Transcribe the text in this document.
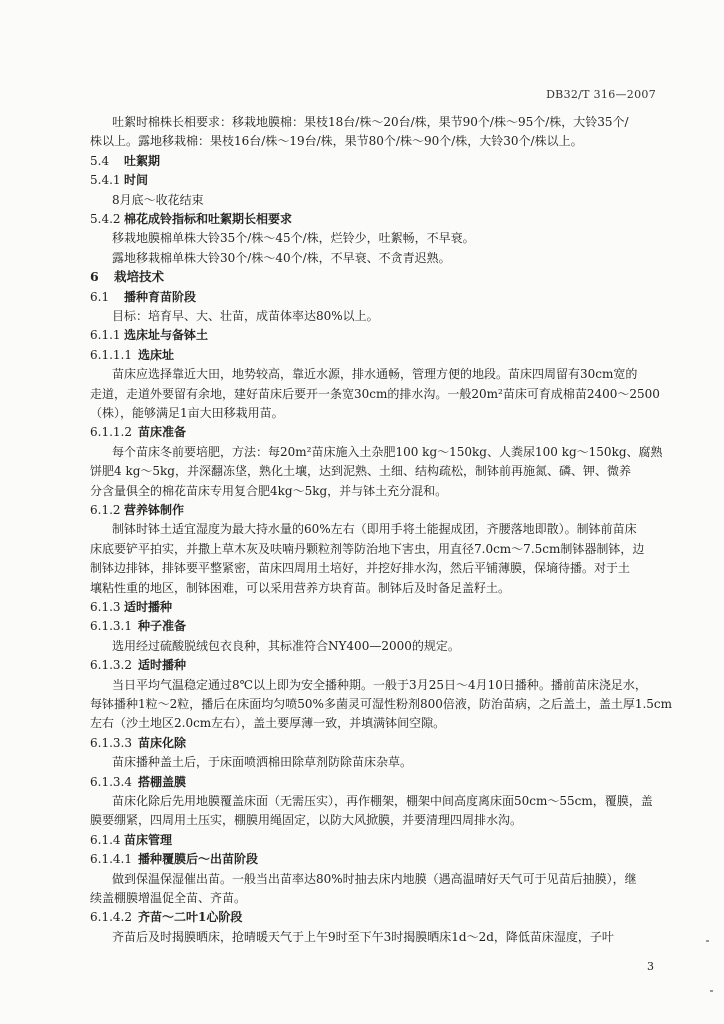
DB32/T 316—2007
吐絮时棉株长相要求：移栽地膜棉：果枝18台/株～20台/株，果节90个/株～95个/株，大铃35个/
株以上。露地移栽棉：果枝16台/株～19台/株，果节80个/株～90个/株，大铃30个/株以上。
5.4 吐絮期
5.4.1 时间
8月底～收花结束
5.4.2 棉花成铃指标和吐絮期长相要求
移栽地膜棉单株大铃35个/株～45个/株，烂铃少，吐絮畅，不早衰。
露地移栽棉单株大铃30个/株～40个/株，不早衰、不贪青迟熟。
6 栽培技术
6.1 播种育苗阶段
目标：培育早、大、壮苗，成苗体率达80%以上。
6.1.1 选床址与备钵土
6.1.1.1 选床址
苗床应选择靠近大田，地势较高，靠近水源，排水通畅，管理方便的地段。苗床四周留有30cm宽的
走道，走道外要留有余地，建好苗床后要开一条宽30cm的排水沟。一般20m²苗床可育成棉苗2400～2500
（株），能够满足1亩大田移栽用苗。
6.1.1.2 苗床准备
每个苗床冬前要培肥，方法：每20m²苗床施入土杂肥100 kg～150kg、人粪尿100 kg～150kg、腐熟
饼肥4 kg～5kg，并深翻冻垡，熟化土壤，达到泥熟、土细、结构疏松，制钵前再施氮、磷、钾、微养
分含量俱全的棉花苗床专用复合肥4kg～5kg，并与钵土充分混和。
6.1.2 营养钵制作
制钵时钵土适宜湿度为最大持水量的60%左右（即用手将土能握成团，齐腰落地即散）。制钵前苗床
床底要铲平拍实，并撒上草木灰及呋喃丹颗粒剂等防治地下害虫，用直径7.0cm～7.5cm制钵器制钵，边
制钵边排钵，排钵要平整紧密，苗床四周用土培好，并挖好排水沟，然后平铺薄膜，保墒待播。对于土
壤粘性重的地区，制钵困难，可以采用营养方块育苗。制钵后及时备足盖籽土。
6.1.3 适时播种
6.1.3.1 种子准备
选用经过硫酸脱绒包衣良种，其标准符合NY400—2000的规定。
6.1.3.2 适时播种
当日平均气温稳定通过8℃以上即为安全播种期。一般于3月25日～4月10日播种。播前苗床浇足水，
每钵播种1粒～2粒，播后在床面均匀喷50%多菌灵可湿性粉剂800倍液，防治苗病，之后盖土，盖土厚1.5cm
左右（沙土地区2.0cm左右），盖土要厚薄一致，并填满钵间空隙。
6.1.3.3 苗床化除
苗床播种盖土后，于床面喷洒棉田除草剂防除苗床杂草。
6.1.3.4 搭棚盖膜
苗床化除后先用地膜覆盖床面（无需压实），再作棚架，棚架中间高度离床面50cm～55cm，覆膜，盖
膜要绷紧，四周用土压实，棚膜用绳固定，以防大风掀膜，并要清理四周排水沟。
6.1.4 苗床管理
6.1.4.1 播种覆膜后～出苗阶段
做到保温保湿催出苗。一般当出苗率达80%时抽去床内地膜（遇高温晴好天气可于见苗后抽膜），继
续盖棚膜增温促全苗、齐苗。
6.1.4.2 齐苗～二叶1心阶段
齐苗后及时揭膜晒床，抢晴暖天气于上午9时至下午3时揭膜晒床1d～2d，降低苗床湿度，子叶
3
